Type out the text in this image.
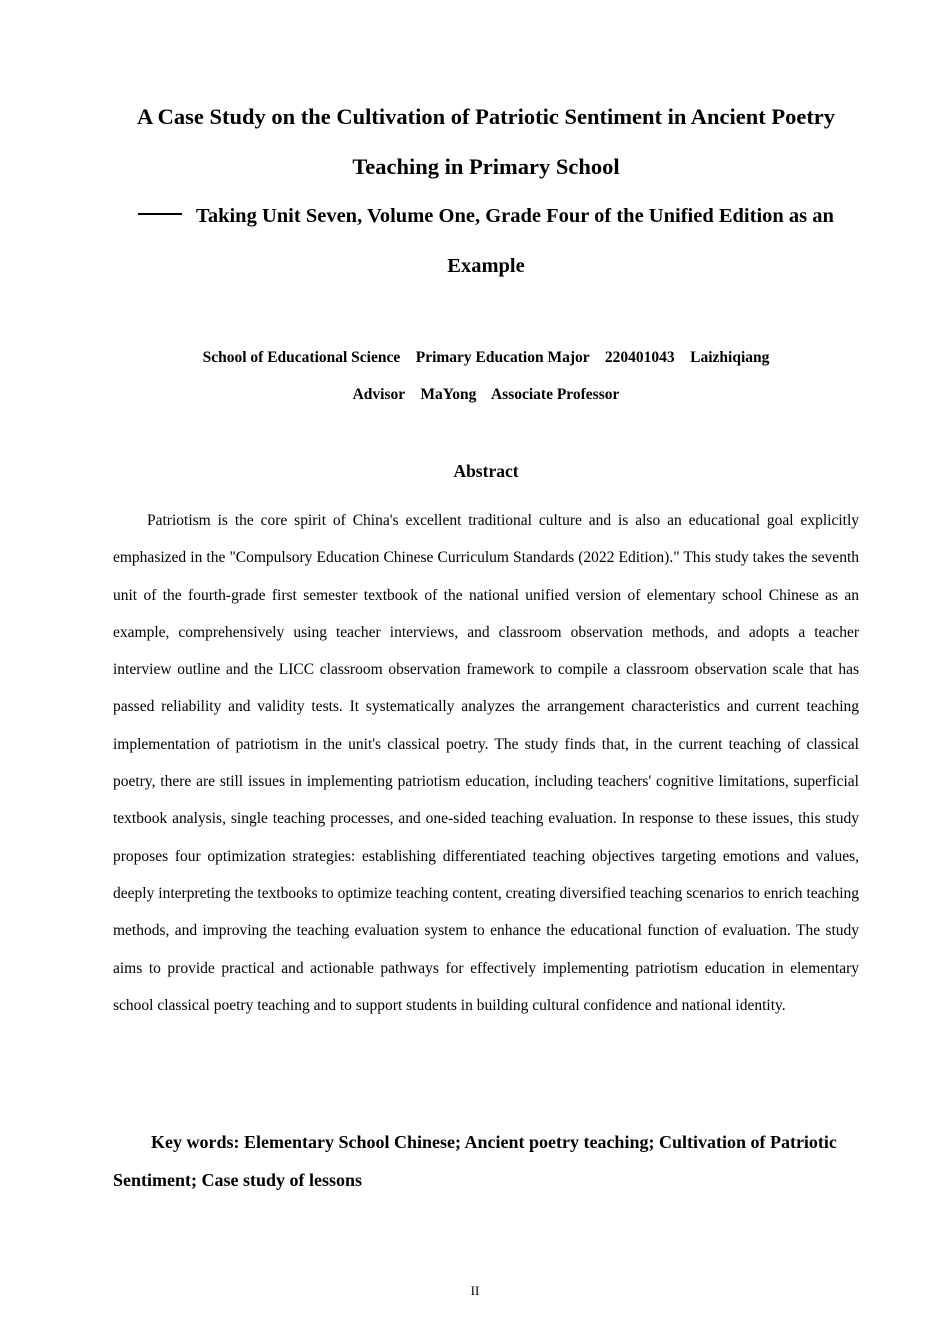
A Case Study on the Cultivation of Patriotic Sentiment in Ancient Poetry Teaching in Primary School
Taking Unit Seven, Volume One, Grade Four of the Unified Edition as an Example

School of Educational Science    Primary Education Major    220401043    Laizhiqiang

Advisor    MaYong    Associate Professor

Abstract

Patriotism is the core spirit of China's excellent traditional culture and is also an educational goal explicitly emphasized in the "Compulsory Education Chinese Curriculum Standards (2022 Edition)." This study takes the seventh unit of the fourth-grade first semester textbook of the national unified version of elementary school Chinese as an example, comprehensively using teacher interviews, and classroom observation methods, and adopts a teacher interview outline and the LICC classroom observation framework to compile a classroom observation scale that has passed reliability and validity tests. It systematically analyzes the arrangement characteristics and current teaching implementation of patriotism in the unit's classical poetry. The study finds that, in the current teaching of classical poetry, there are still issues in implementing patriotism education, including teachers' cognitive limitations, superficial textbook analysis, single teaching processes, and one-sided teaching evaluation. In response to these issues, this study proposes four optimization strategies: establishing differentiated teaching objectives targeting emotions and values, deeply interpreting the textbooks to optimize teaching content, creating diversified teaching scenarios to enrich teaching methods, and improving the teaching evaluation system to enhance the educational function of evaluation. The study aims to provide practical and actionable pathways for effectively implementing patriotism education in elementary school classical poetry teaching and to support students in building cultural confidence and national identity.

Key words: Elementary School Chinese; Ancient poetry teaching; Cultivation of Patriotic Sentiment; Case study of lessons

II
